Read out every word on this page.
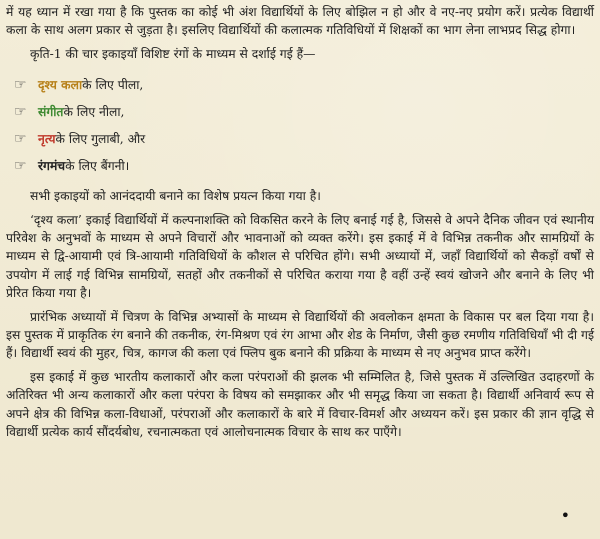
में यह ध्यान में रखा गया है कि पुस्तक का कोई भी अंश विद्यार्थियों के लिए बोझिल न हो और वे नए-नए प्रयोग करें। प्रत्येक विद्यार्थी कला के साथ अलग प्रकार से जुड़ता है। इसलिए विद्यार्थियों की कलात्मक गतिविधियों में शिक्षकों का भाग लेना लाभप्रद सिद्ध होगा।

कृति-1 की चार इकाइयाँ विशिष्ट रंगों के माध्यम से दर्शाई गई हैं—

☞ दृश्य कला के लिए पीला,
☞ संगीत के लिए नीला,
☞ नृत्य के लिए गुलाबी, और
☞ रंगमंच के लिए बैंगनी।

सभी इकाइयों को आनंददायी बनाने का विशेष प्रयत्न किया गया है।

‘दृश्य कला’ इकाई विद्यार्थियों में कल्पनाशक्ति को विकसित करने के लिए बनाई गई है, जिससे वे अपने दैनिक जीवन एवं स्थानीय परिवेश के अनुभवों के माध्यम से अपने विचारों और भावनाओं को व्यक्त करेंगे। इस इकाई में वे विभिन्न तकनीक और सामग्रियों के माध्यम से द्वि-आयामी एवं त्रि-आयामी गतिविधियों के कौशल से परिचित होंगे। सभी अध्यायों में, जहाँ विद्यार्थियों को सैकड़ों वर्षों से उपयोग में लाई गई विभिन्न सामग्रियों, सतहों और तकनीकों से परिचित कराया गया है वहीं उन्हें स्वयं खोजने और बनाने के लिए भी प्रेरित किया गया है।

प्रारंभिक अध्यायों में चित्रण के विभिन्न अभ्यासों के माध्यम से विद्यार्थियों की अवलोकन क्षमता के विकास पर बल दिया गया है। इस पुस्तक में प्राकृतिक रंग बनाने की तकनीक, रंग-मिश्रण एवं रंग आभा और शेड के निर्माण, जैसी कुछ रमणीय गतिविधियाँ भी दी गई हैं। विद्यार्थी स्वयं की मुहर, चित्र, कागज की कला एवं फ्लिप बुक बनाने की प्रक्रिया के माध्यम से नए अनुभव प्राप्त करेंगे।

इस इकाई में कुछ भारतीय कलाकारों और कला परंपराओं की झलक भी सम्मिलित है, जिसे पुस्तक में उल्लिखित उदाहरणों के अतिरिक्त भी अन्य कलाकारों और कला परंपरा के विषय को समझाकर और भी समृद्ध किया जा सकता है। विद्यार्थी अनिवार्य रूप से अपने क्षेत्र की विभिन्न कला-विधाओं, परंपराओं और कलाकारों के बारे में विचार-विमर्श और अध्ययन करें। इस प्रकार की ज्ञान वृद्धि से विद्यार्थी प्रत्येक कार्य सौंदर्यबोध, रचनात्मकता एवं आलोचनात्मक विचार के साथ कर पाएँगे।

•
